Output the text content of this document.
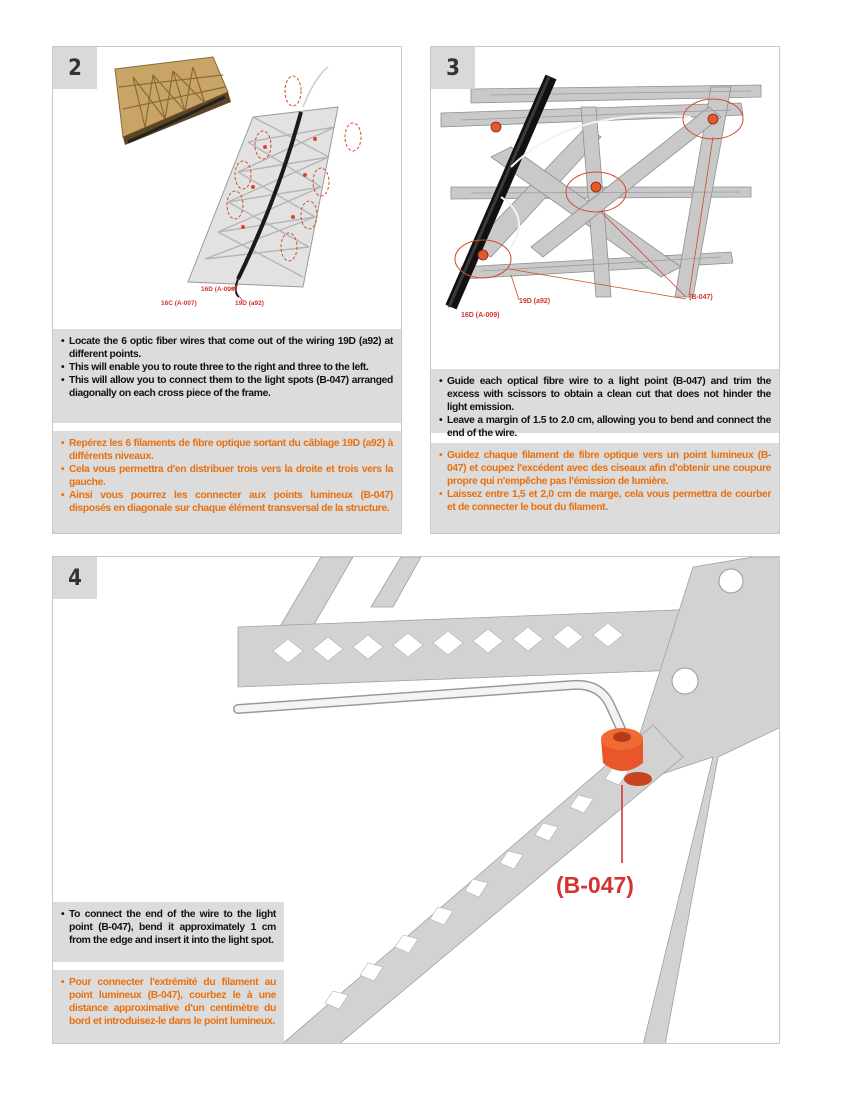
2
16D (A-009)
16C (A-007)	19D (a92)
• Locate the 6 optic fiber wires that come out of the wiring 19D (a92) at different points.
• This will enable you to route three to the right and three to the left.
• This will allow you to connect them to the light spots (B-047) arranged diagonally on each cross piece of the frame.
• Repérez les 6 filaments de fibre optique sortant du câblage 19D (a92) à différents niveaux.
• Cela vous permettra d'en distribuer trois vers la droite et trois vers la gauche.
• Ainsi vous pourrez les connecter aux points lumineux (B-047) disposés en diagonale sur chaque élément transversal de la structure.
3
19D (a92)
16D (A-009)
(B-047)
• Guide each optical fibre wire to a light point (B-047) and trim the excess with scissors to obtain a clean cut that does not hinder the light emission.
• Leave a margin of 1.5 to 2.0 cm, allowing you to bend and connect the end of the wire.
• Guidez chaque filament de fibre optique vers un point lumineux (B-047) et coupez l'excédent avec des ciseaux afin d'obtenir une coupure propre qui n'empêche pas l'émission de lumière.
• Laissez entre 1,5 et 2,0 cm de marge, cela vous permettra de courber et de connecter le bout du filament.
4
(B-047)
• To connect the end of the wire to the light point (B-047), bend it approximately 1 cm from the edge and insert it into the light spot.
• Pour connecter l'extrémité du filament au point lumineux (B-047), courbez le à une distance approximative d'un centimètre du bord et introduisez-le dans le point lumineux.
